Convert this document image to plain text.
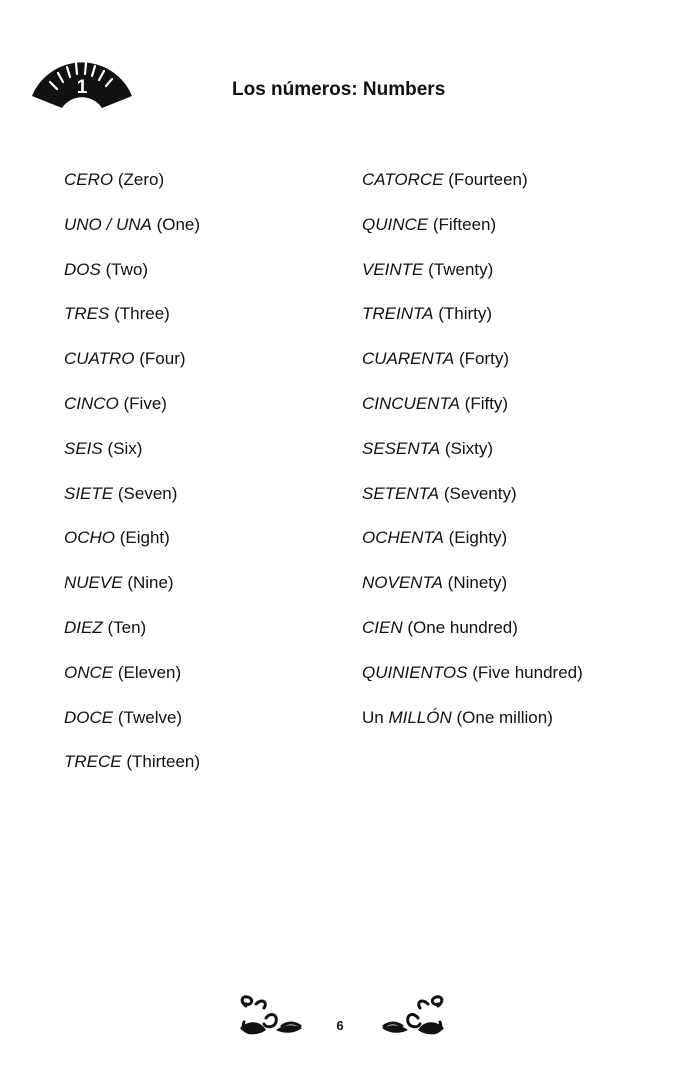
1	Los números: Numbers
CERO (Zero)
UNO / UNA (One)
DOS (Two)
TRES (Three)
CUATRO (Four)
CINCO (Five)
SEIS (Six)
SIETE (Seven)
OCHO (Eight)
NUEVE (Nine)
DIEZ (Ten)
ONCE (Eleven)
DOCE (Twelve)
TRECE (Thirteen)
CATORCE (Fourteen)
QUINCE (Fifteen)
VEINTE (Twenty)
TREINTA (Thirty)
CUARENTA (Forty)
CINCUENTA (Fifty)
SESENTA (Sixty)
SETENTA (Seventy)
OCHENTA (Eighty)
NOVENTA (Ninety)
CIEN (One hundred)
QUINIENTOS (Five hundred)
Un MILLÓN (One million)
6
